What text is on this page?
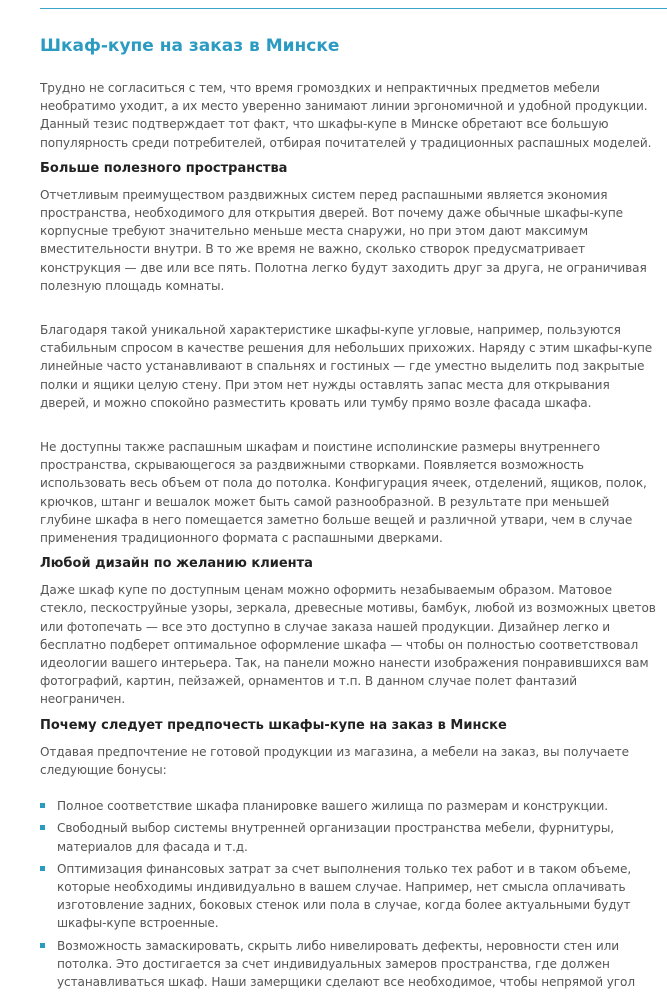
Шкаф-купе на заказ в Минске

Трудно не согласиться с тем, что время громоздких и непрактичных предметов мебели необратимо уходит, а их место уверенно занимают линии эргономичной и удобной продукции. Данный тезис подтверждает тот факт, что шкафы-купе в Минске обретают все большую популярность среди потребителей, отбирая почитателей у традиционных распашных моделей.

Больше полезного пространства

Отчетливым преимуществом раздвижных систем перед распашными является экономия пространства, необходимого для открытия дверей. Вот почему даже обычные шкафы-купе корпусные требуют значительно меньше места снаружи, но при этом дают максимум вместительности внутри. В то же время не важно, сколько створок предусматривает конструкция — две или все пять. Полотна легко будут заходить друг за друга, не ограничивая полезную площадь комнаты.

Благодаря такой уникальной характеристике шкафы-купе угловые, например, пользуются стабильным спросом в качестве решения для небольших прихожих. Наряду с этим шкафы-купе линейные часто устанавливают в спальнях и гостиных — где уместно выделить под закрытые полки и ящики целую стену. При этом нет нужды оставлять запас места для открывания дверей, и можно спокойно разместить кровать или тумбу прямо возле фасада шкафа.

Не доступны также распашным шкафам и поистине исполинские размеры внутреннего пространства, скрывающегося за раздвижными створками. Появляется возможность использовать весь объем от пола до потолка. Конфигурация ячеек, отделений, ящиков, полок, крючков, штанг и вешалок может быть самой разнообразной. В результате при меньшей глубине шкафа в него помещается заметно больше вещей и различной утвари, чем в случае применения традиционного формата с распашными дверками.

Любой дизайн по желанию клиента

Даже шкаф купе по доступным ценам можно оформить незабываемым образом. Матовое стекло, пескоструйные узоры, зеркала, древесные мотивы, бамбук, любой из возможных цветов или фотопечать — все это доступно в случае заказа нашей продукции. Дизайнер легко и бесплатно подберет оптимальное оформление шкафа — чтобы он полностью соответствовал идеологии вашего интерьера. Так, на панели можно нанести изображения понравившихся вам фотографий, картин, пейзажей, орнаментов и т.п. В данном случае полет фантазий неограничен.

Почему следует предпочесть шкафы-купе на заказ в Минске

Отдавая предпочтение не готовой продукции из магазина, а мебели на заказ, вы получаете следующие бонусы:

Полное соответствие шкафа планировке вашего жилища по размерам и конструкции.
Свободный выбор системы внутренней организации пространства мебели, фурнитуры, материалов для фасада и т.д.
Оптимизация финансовых затрат за счет выполнения только тех работ и в таком объеме, которые необходимы индивидуально в вашем случае. Например, нет смысла оплачивать изготовление задних, боковых стенок или пола в случае, когда более актуальными будут шкафы-купе встроенные.
Возможность замаскировать, скрыть либо нивелировать дефекты, неровности стен или потолка. Это достигается за счет индивидуальных замеров пространства, где должен устанавливаться шкаф. Наши замерщики сделают все необходимое, чтобы непрямой угол
